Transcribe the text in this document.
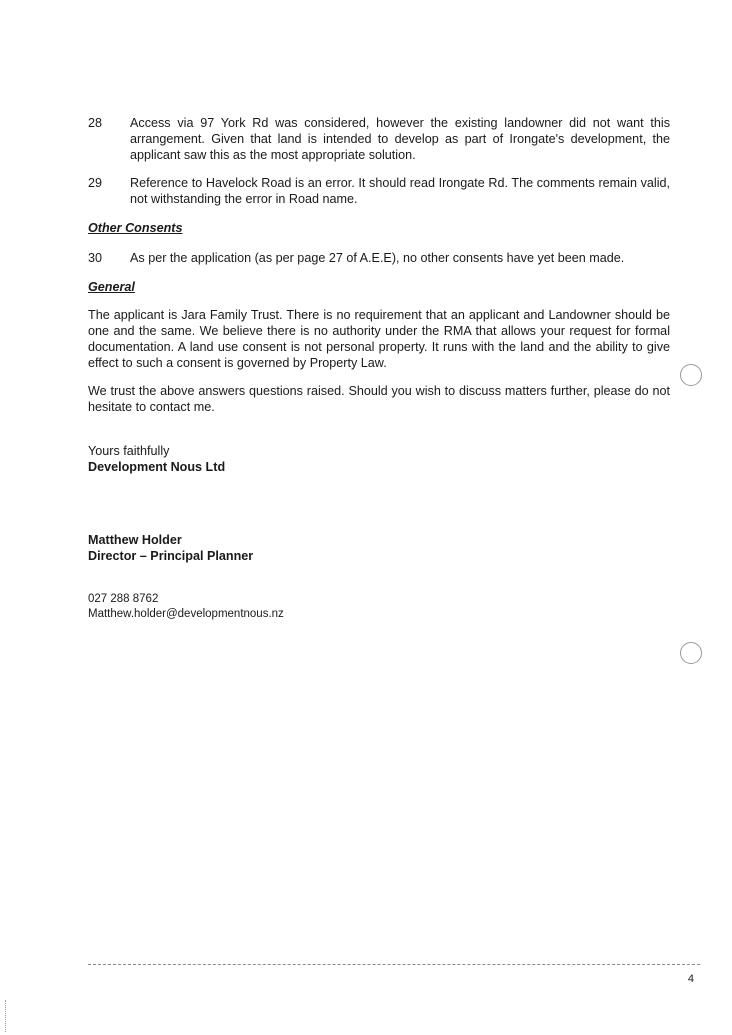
28	Access via 97 York Rd was considered, however the existing landowner did not want this arrangement. Given that land is intended to develop as part of Irongate's development, the applicant saw this as the most appropriate solution.
29	Reference to Havelock Road is an error. It should read Irongate Rd. The comments remain valid, not withstanding the error in Road name.

Other Consents

30	As per the application (as per page 27 of A.E.E), no other consents have yet been made.

General

The applicant is Jara Family Trust. There is no requirement that an applicant and Landowner should be one and the same. We believe there is no authority under the RMA that allows your request for formal documentation. A land use consent is not personal property. It runs with the land and the ability to give effect to such a consent is governed by Property Law.

We trust the above answers questions raised. Should you wish to discuss matters further, please do not hesitate to contact me.

Yours faithfully
Development Nous Ltd
Matthew Holder
Director – Principal Planner
027 288 8762
Matthew.holder@developmentnous.nz
4
